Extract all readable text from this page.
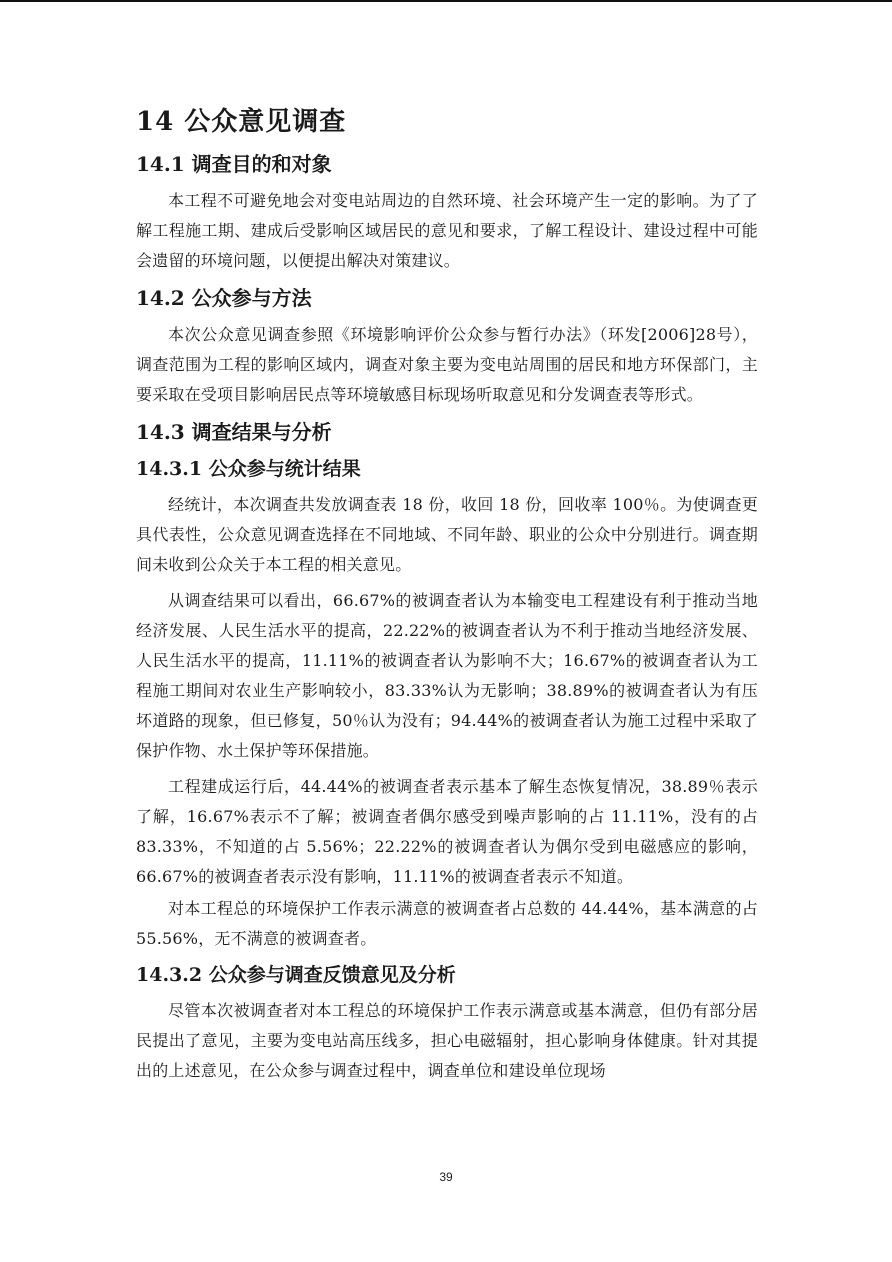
14 公众意见调查
14.1 调查目的和对象

本工程不可避免地会对变电站周边的自然环境、社会环境产生一定的影响。为了了解工程施工期、建成后受影响区域居民的意见和要求，了解工程设计、建设过程中可能会遗留的环境问题，以便提出解决对策建议。

14.2 公众参与方法

本次公众意见调查参照《环境影响评价公众参与暂行办法》（环发[2006]28号），调查范围为工程的影响区域内，调查对象主要为变电站周围的居民和地方环保部门，主要采取在受项目影响居民点等环境敏感目标现场听取意见和分发调查表等形式。

14.3 调查结果与分析
14.3.1 公众参与统计结果

经统计，本次调查共发放调查表 18 份，收回 18 份，回收率 100％。为使调查更具代表性，公众意见调查选择在不同地域、不同年龄、职业的公众中分别进行。调查期间未收到公众关于本工程的相关意见。

从调查结果可以看出，66.67%的被调查者认为本输变电工程建设有利于推动当地经济发展、人民生活水平的提高，22.22%的被调查者认为不利于推动当地经济发展、人民生活水平的提高，11.11%的被调查者认为影响不大；16.67%的被调查者认为工程施工期间对农业生产影响较小，83.33%认为无影响；38.89%的被调查者认为有压坏道路的现象，但已修复，50％认为没有；94.44%的被调查者认为施工过程中采取了保护作物、水土保护等环保措施。

工程建成运行后，44.44%的被调查者表示基本了解生态恢复情况，38.89％表示了解，16.67%表示不了解；被调查者偶尔感受到噪声影响的占 11.11%，没有的占 83.33%，不知道的占 5.56%；22.22%的被调查者认为偶尔受到电磁感应的影响，66.67%的被调查者表示没有影响，11.11%的被调查者表示不知道。

对本工程总的环境保护工作表示满意的被调查者占总数的 44.44%，基本满意的占 55.56%，无不满意的被调查者。

14.3.2 公众参与调查反馈意见及分析

尽管本次被调查者对本工程总的环境保护工作表示满意或基本满意，但仍有部分居民提出了意见，主要为变电站高压线多，担心电磁辐射，担心影响身体健康。针对其提出的上述意见，在公众参与调查过程中，调查单位和建设单位现场

39
